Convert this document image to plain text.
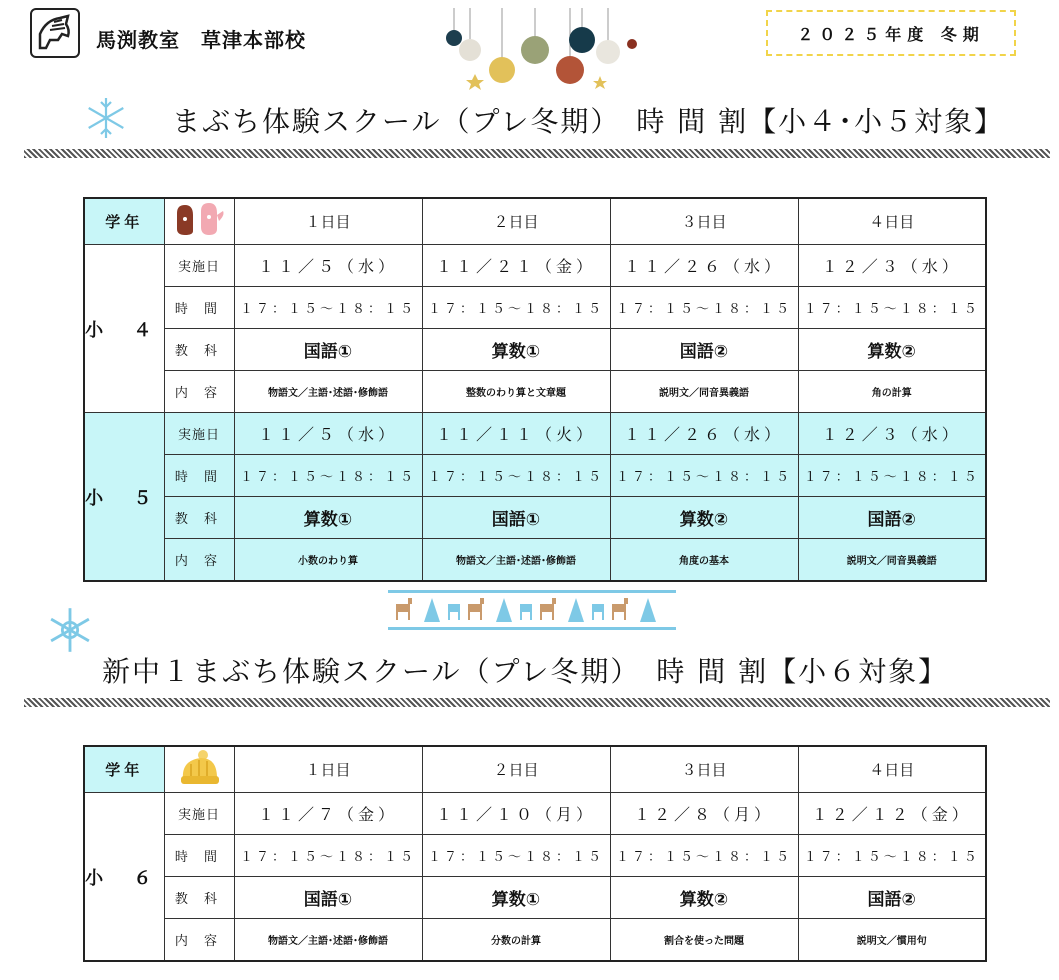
馬渕教室　草津本部校	２０２５年度 冬期
まぶち体験スクール（プレ冬期）　時 間 割【小４･小５対象】
学年		１日目	２日目	３日目	４日目
小 ４	実施日	１１／５（水）	１１／２１（金）	１１／２６（水）	１２／３（水）
	時 間	１７：１５～１８：１５	１７：１５～１８：１５	１７：１５～１８：１５	１７：１５～１８：１５
	教 科	国語①	算数①	国語②	算数②
	内 容	物語文／主語･述語･修飾語	整数のわり算と文章題	説明文／同音異義語	角の計算
小 ５	実施日	１１／５（水）	１１／１１（火）	１１／２６（水）	１２／３（水）
	時 間	１７：１５～１８：１５	１７：１５～１８：１５	１７：１５～１８：１５	１７：１５～１８：１５
	教 科	算数①	国語①	算数②	国語②
	内 容	小数のわり算	物語文／主語･述語･修飾語	角度の基本	説明文／同音異義語
新中１まぶち体験スクール（プレ冬期）　時 間 割【小６対象】
学年		１日目	２日目	３日目	４日目
小 ６	実施日	１１／７（金）	１１／１０（月）	１２／８（月）	１２／１２（金）
	時 間	１７：１５～１８：１５	１７：１５～１８：１５	１７：１５～１８：１５	１７：１５～１８：１５
	教 科	国語①	算数①	算数②	国語②
	内 容	物語文／主語･述語･修飾語	分数の計算	割合を使った問題	説明文／慣用句
